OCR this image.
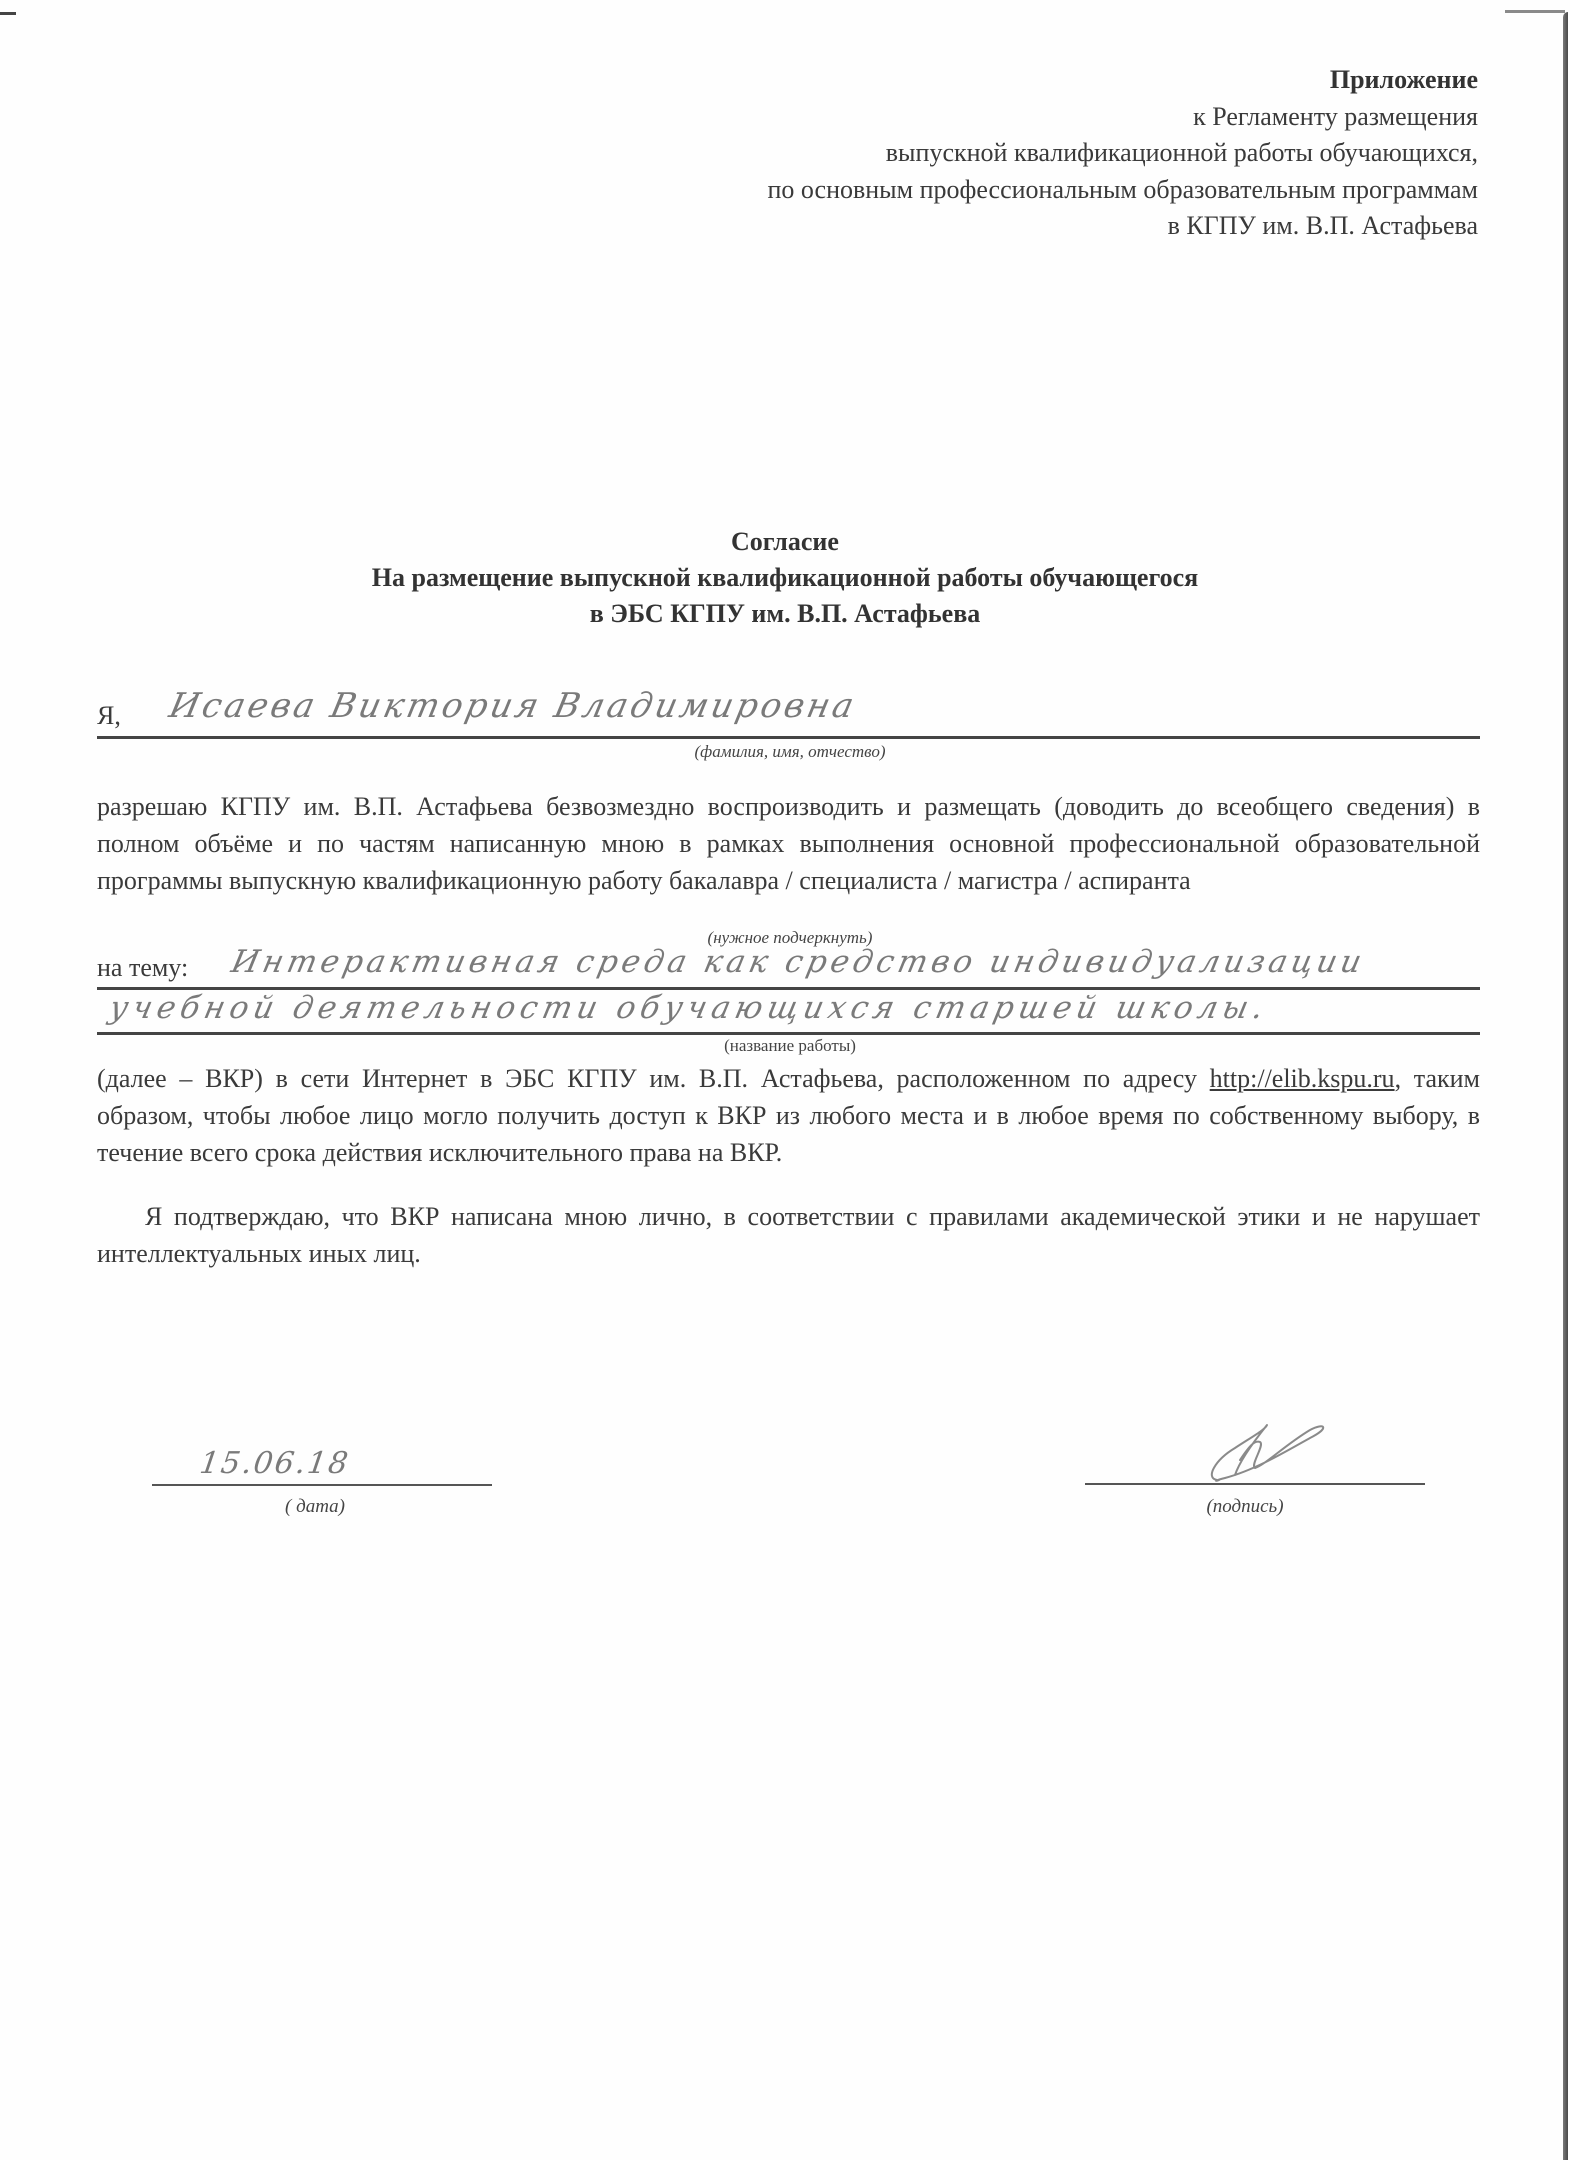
Приложение
к Регламенту размещения
выпускной квалификационной работы обучающихся,
по основным профессиональным образовательным программам
в КГПУ им. В.П. Астафьева
Согласие
На размещение выпускной квалификационной работы обучающегося
в ЭБС КГПУ им. В.П. Астафьева
Я, Исаева Виктория Владимировна
(фамилия, имя, отчество)
разрешаю КГПУ им. В.П. Астафьева безвозмездно воспроизводить и размещать (доводить до всеобщего сведения) в полном объёме и по частям написанную мною в рамках выполнения основной профессиональной образовательной программы выпускную квалификационную работу бакалавра / специалиста / магистра / аспиранта
(нужное подчеркнуть)
на тему: Интерактивная среда как средство индивидуализации
учебной деятельности обучающихся старшей школы.
(название работы)
(далее – ВКР) в сети Интернет в ЭБС КГПУ им. В.П. Астафьева, расположенном по адресу http://elib.kspu.ru, таким образом, чтобы любое лицо могло получить доступ к ВКР из любого места и в любое время по собственному выбору, в течение всего срока действия исключительного права на ВКР.
Я подтверждаю, что ВКР написана мною лично, в соответствии с правилами академической этики и не нарушает интеллектуальных иных лиц.
15.06.18
( дата)	(подпись)
